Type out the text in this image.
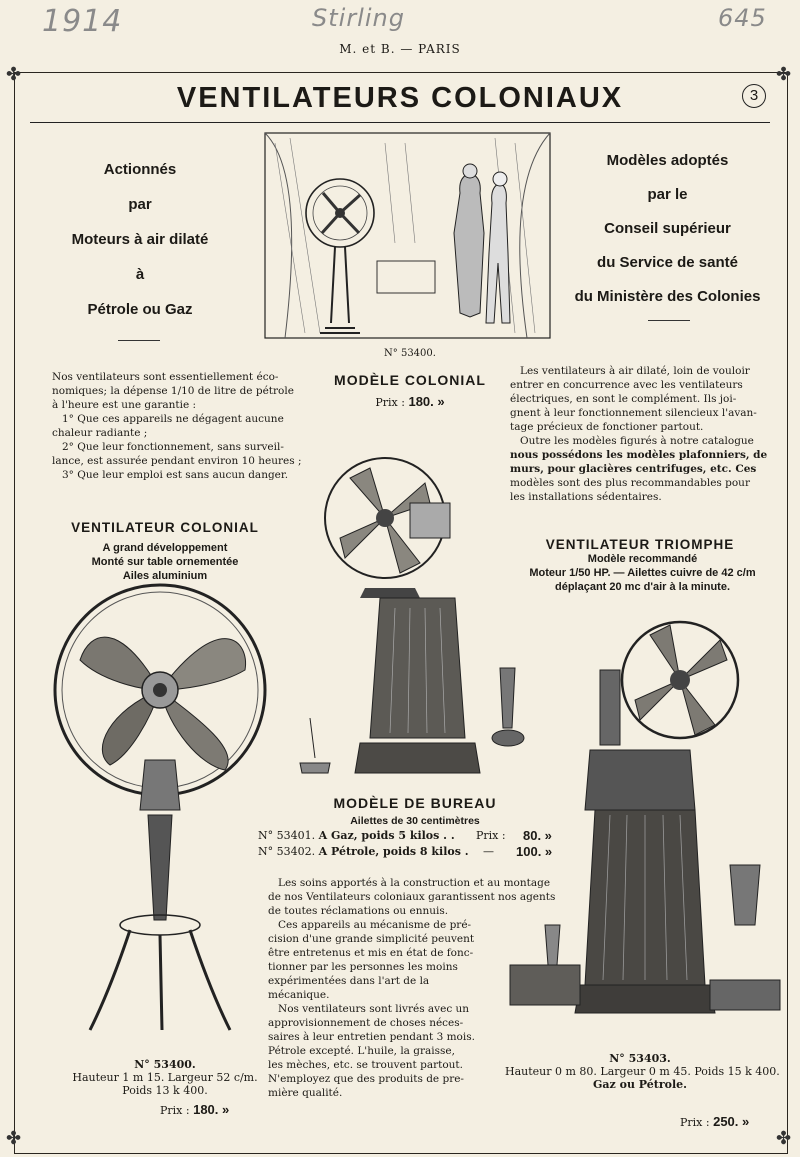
1914	Stirling	645
M. et B. — PARIS
✤	✤
✤	✤
VENTILATEURS COLONIAUX	3
Actionnés
par
Moteurs à air dilaté
à
Pétrole ou Gaz
Modèles adoptés
par le
Conseil supérieur
du Service de santé
du Ministère des Colonies
N° 53400.
MODÈLE COLONIAL
Prix : 180. »
Nos ventilateurs sont essentiellement éco-
nomiques; la dépense 1/10 de litre de pétrole
à l'heure est une garantie :
1° Que ces appareils ne dégagent aucune
chaleur radiante ;
2° Que leur fonctionnement, sans surveil-
lance, est assurée pendant environ 10 heures ;
3° Que leur emploi est sans aucun danger.
Les ventilateurs à air dilaté, loin de vouloir
entrer en concurrence avec les ventilateurs
électriques, en sont le complément. Ils joi-
gnent à leur fonctionnement silencieux l'avan-
tage précieux de fonctioner partout.
Outre les modèles figurés à notre catalogue
nous possédons les modèles plafonniers, de
murs, pour glacières centrifuges, etc. Ces
modèles sont des plus recommandables pour
les installations sédentaires.
VENTILATEUR COLONIAL
A grand développement
Monté sur table ornementée
Ailes aluminium
N° 53400.
Hauteur 1 m 15. Largeur 52 c/m.
Poids 13 k 400.
Prix : 180. »
MODÈLE DE BUREAU
Ailettes de 30 centimètres
N° 53401. A Gaz, poids 5 kilos . . Prix : 80. »
N° 53402. A Pétrole, poids 8 kilos . — 100. »
Les soins apportés à la construction et au montage
de nos Ventilateurs coloniaux garantissent nos agents
de toutes réclamations ou ennuis.
Ces appareils au mécanisme de pré-
cision d'une grande simplicité peuvent
être entretenus et mis en état de fonc-
tionner par les personnes les moins
expérimentées dans l'art de la
mécanique.
Nos ventilateurs sont livrés avec un
approvisionnement de choses néces-
saires à leur entretien pendant 3 mois.
Pétrole excepté. L'huile, la graisse,
les mèches, etc. se trouvent partout.
N'employez que des produits de pre-
mière qualité.
VENTILATEUR TRIOMPHE
Modèle recommandé
Moteur 1/50 HP. — Ailettes cuivre de 42 c/m
déplaçant 20 mc d'air à la minute.
N° 53403.
Hauteur 0 m 80. Largeur 0 m 45. Poids 15 k 400.
Gaz ou Pétrole.
Prix : 250. »
